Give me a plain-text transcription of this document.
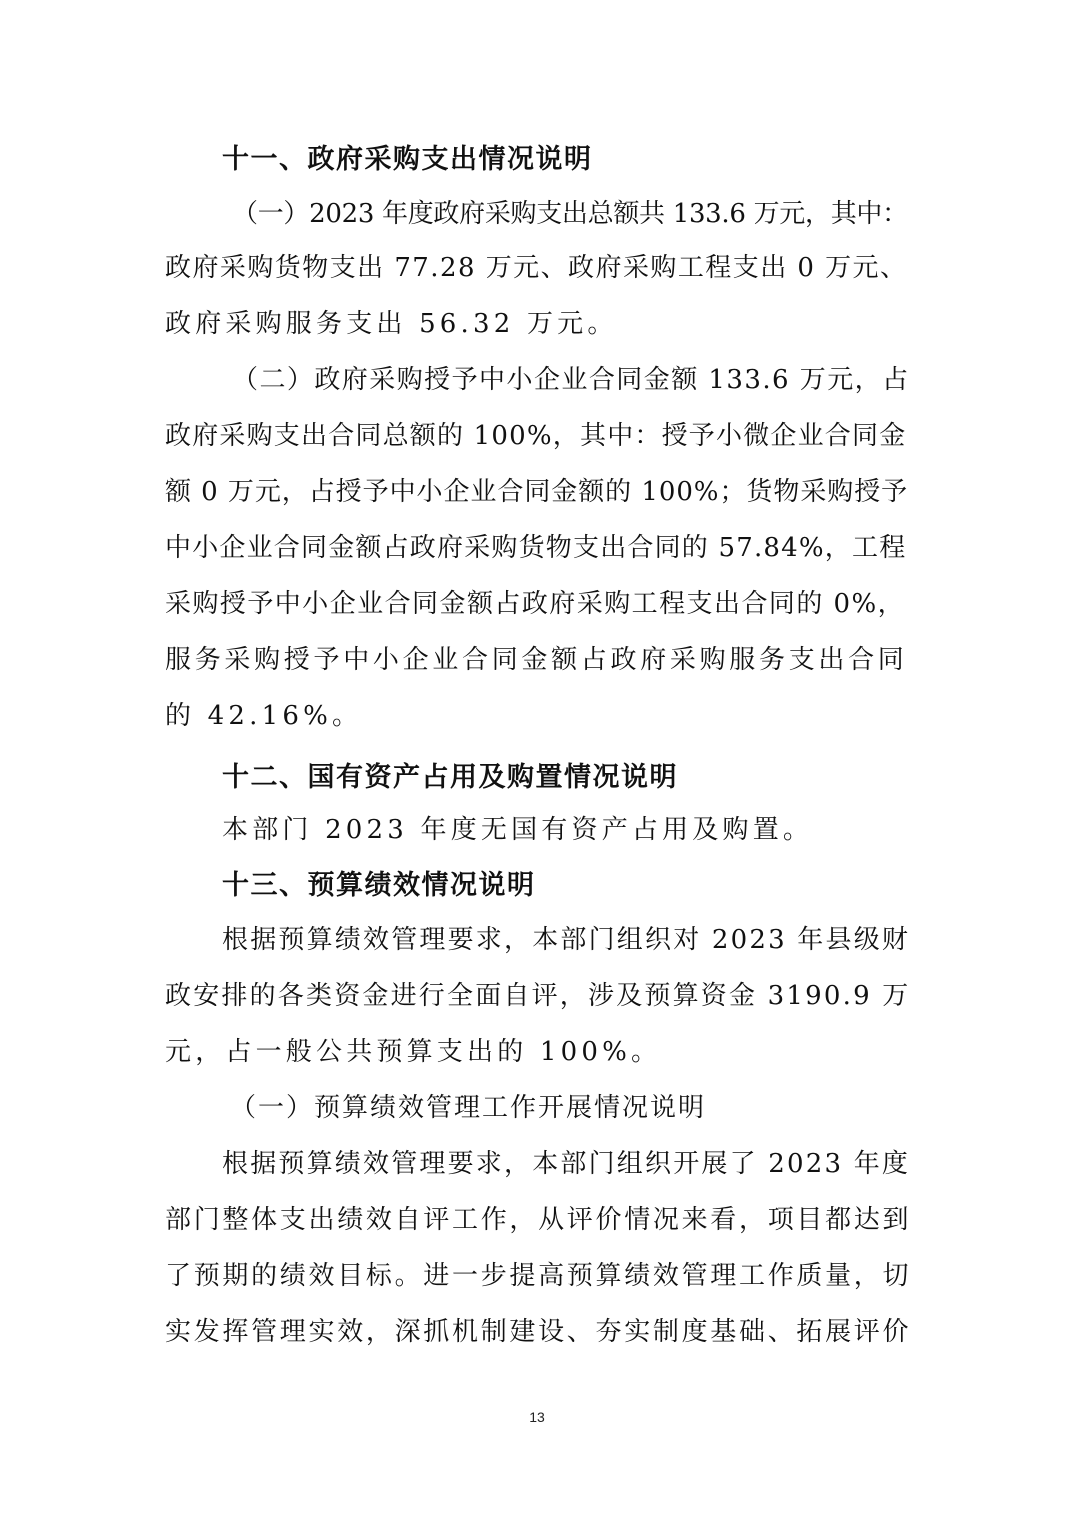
十一、政府采购支出情况说明
（一）2023 年度政府采购支出总额共 133.6 万元，其中：
政府采购货物支出 77.28 万元、政府采购工程支出 0 万元、
政府采购服务支出 56.32 万元。
（二）政府采购授予中小企业合同金额 133.6 万元，占
政府采购支出合同总额的 100%，其中：授予小微企业合同金
额 0 万元，占授予中小企业合同金额的 100%；货物采购授予
中小企业合同金额占政府采购货物支出合同的 57.84%，工程
采购授予中小企业合同金额占政府采购工程支出合同的 0%，
服务采购授予中小企业合同金额占政府采购服务支出合同
的 42.16%。
十二、国有资产占用及购置情况说明
本部门 2023 年度无国有资产占用及购置。
十三、预算绩效情况说明
根据预算绩效管理要求，本部门组织对 2023 年县级财
政安排的各类资金进行全面自评，涉及预算资金 3190.9 万
元，占一般公共预算支出的 100%。
（一）预算绩效管理工作开展情况说明
根据预算绩效管理要求，本部门组织开展了 2023 年度
部门整体支出绩效自评工作，从评价情况来看，项目都达到
了预期的绩效目标。进一步提高预算绩效管理工作质量，切
实发挥管理实效，深抓机制建设、夯实制度基础、拓展评价
13
